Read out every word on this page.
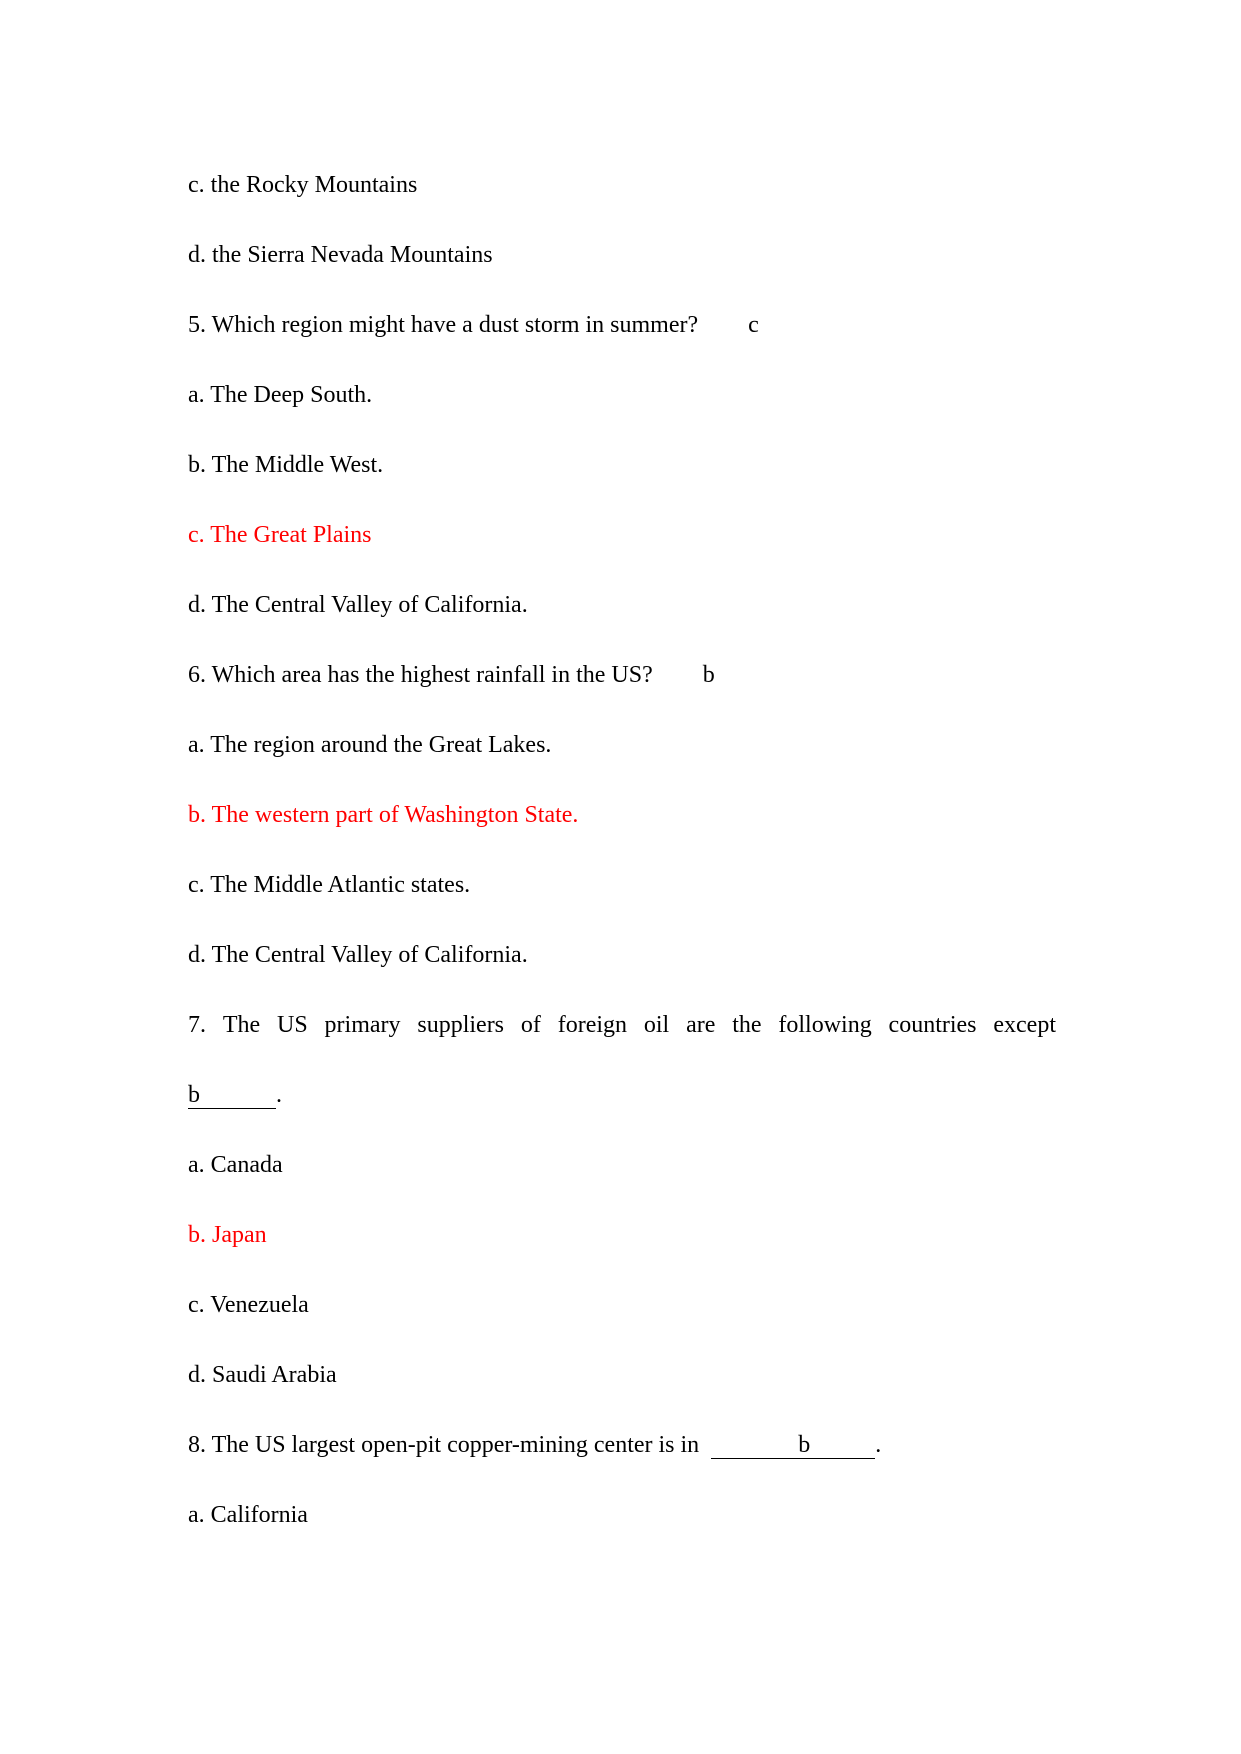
c. the Rocky Mountains

d. the Sierra Nevada Mountains

5. Which region might have a dust storm in summer? c

a. The Deep South.

b. The Middle West.

c. The Great Plains

d. The Central Valley of California.

6. Which area has the highest rainfall in the US? b

a. The region around the Great Lakes.

b. The western part of Washington State.

c. The Middle Atlantic states.

d. The Central Valley of California.

7. The US primary suppliers of foreign oil are the following countries except

b	.

a. Canada

b. Japan

c. Venezuela

d. Saudi Arabia

8. The US largest open-pit copper-mining center is in	b	.

a. California
